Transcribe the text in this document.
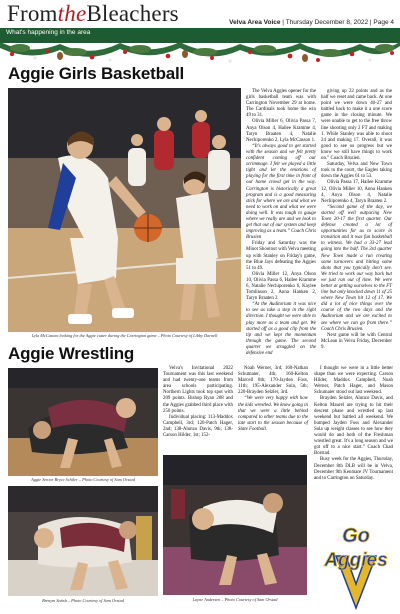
FromtheBleachers	Velva Area Voice | Thursday December 8, 2022 | Page 4
What's happening in the area
Aggie Girls Basketball
Lyla McCasson looking for the Aggie cutter during the Carrington game – Photo Courtesy of Libby Darnell

The Velva Aggies opener for the girls basketball team was with Carrington November 29 at home. The Cardinals took home the win 49 to 31.

Olivia Miller 6, Olivia Passa 7, Anya Olson 4, Hailee Kramme 4, Taryn Braaten 4, Natalie Nechiporenko 2, Lyla McCasson 1.

“It's always good to get started with the season and we felt pretty confident coming off our scrimmage. I felt we played a little tight and let the emotions of playing for the first time in front of our home crowd get in the way. Carrington is historically a great program and is a good measuring stick for where we are and what we need to work on and what we were doing well. It was tough to gauge where we really are and we look to get that out of our system and keep improving as a team.” Coach Chris Brusien

Friday and Saturday was the Minot Shootout with Velva meeting up with Stanley on Friday's game, the Blue Jays defeating the Aggies 51 to 49.

Olivia Miller 12, Anya Olson 10, Olivia Passa 6, Hailee Kramme 6, Natalie Nechiporenko 6, Kaylee Tomlinson 2, Anna Hanken 2, Taryn Braaten 2.

“At the Auditorium it was nice to see us take a step in the right direction. I thought we were able to play more as a team and get. We started off as a good clip from the tip and we kept the momentum through the game. The second quarter we struggled on the defensive end

giving up 22 points and as the half we reset and came back. At one point we were down 40-27 and battled back to make it a one score game in the closing minute. We were unable to get to the free throw line shooting only 2 FT and making 1. While Stanley was able to shoot 24 and making 17. Overall, it was good to see us progress but we know we still have things to work on.” Coach Brusien.

Saturday, Velva and New Town took to the court, the Eagles taking down the Aggies 61 to 53.

Olivia Passa 17, Hailee Kramme 12, Olivia Miller 10, Anna Hanken 4, Anya Olson 4, Natalie Nechiporenko 4, Taryn Braaten 2.

“Second game of the day, we started off well outpacing New Town 20-17 the first quarter. Our defense created a lot of opportunities for us to score in transition and it was fun basketball to witness. We had a 33-27 lead going into the half. The 3rd quarter New Town made a run creating some turnovers and hitting some shots that you typically don't see. We tried to work our way back but we just ran out of time. We were better at getting ourselves to the FT line but only knocked down 11 of 25 where New Town hit 12 of 17. We did a lot of nice things over the course of the two days and the Auditorium and we are excited to see where we can go from there.” Coach Chris Brusien.

Next game will be with Central McLean in Velva Friday, December 9.

Aggie Wrestling
Aggie Senior Bryce Schiler – Photo Courtesy of Sam Orstad
Brenym Satish – Photo Courtesy of Sam Orstad	Layne Andersen – Photo Courtesy of Sam Orstad

Velva's Invitational 2022 Tournament was this last weekend and had twenty-one teams from area schools participating. Northern Lights took top spot with 209 points. Bishop Ryan 208 and the Aggies grabbed third place with 250 points.

Individual placing: 113-Maddox Campbell, 3rd; 120-Patch Hager, 2nd; 138-Alonzo Davis, 9th; 138-Carson Hilder, 1st; 152-

Noah Werner, 3rd; 160-Nathan Schumaier, 4th; 160-Kelton Marcell 8th; 170-Jayden Foss, 11th; 195-Alexander Sola, 5th; 220-Brayden Selzler, 3rd.

“We were very happy with how the kids wrestled. We know going in that we were a little behind compared to other teams due to the late start to the season because of State Football.

I thought we were in a little better shape than we were expecting. Carson Hilder, Maddox Campbell, Noah Werner, Patch Hager, and Mason Schumaier stood out last weekend.

Brayden Selzler, Alonzo Davis, and Kelton Maurel are trying to hit their descent phase and wrestled up last weekend but battled all weekend. We bumped Jayden Foss and Alexander Sola up weight classes to see how they would do and both of the Freshman wrestled great. It's a long season and we got off to a nice start.” Coach Chad Borstad.

Busy week for the Aggies, Thursday, December 8th DLB will be in Velva, December 9th Kenmare JV Tournament and to Carrington on Saturday.

Go
Aggies
